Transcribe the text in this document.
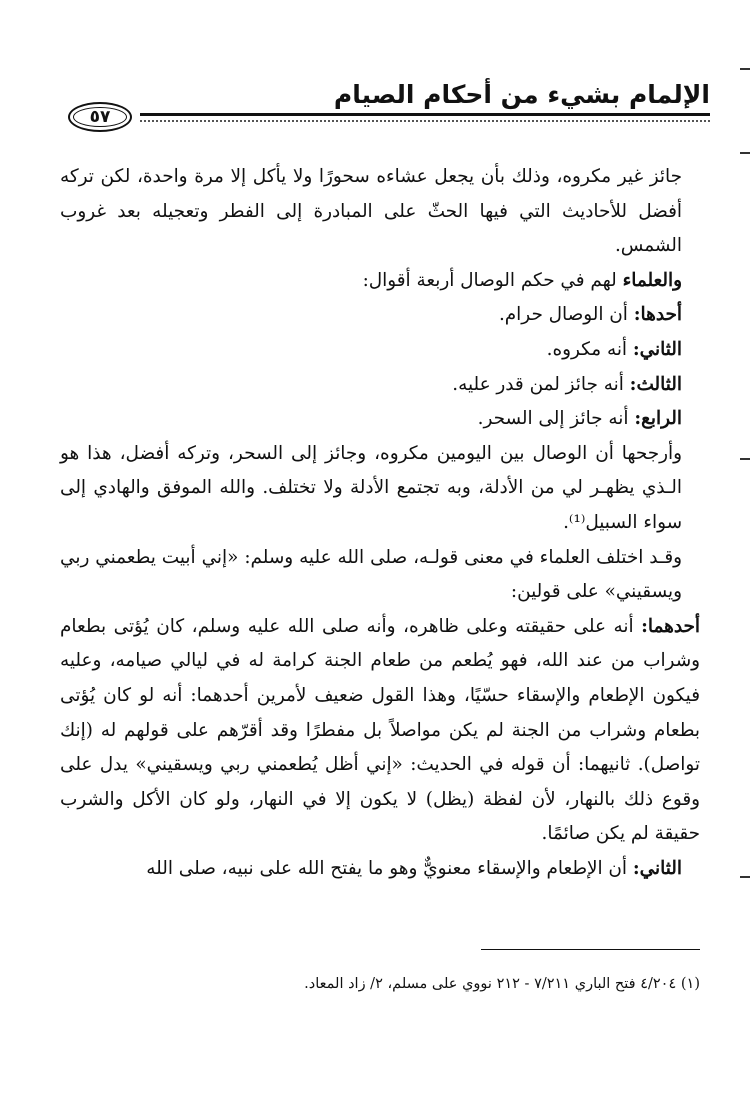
الإلمام بشيء من أحكام الصيام
٥٧

جائز غير مكروه، وذلك بأن يجعل عشاءه سحورًا ولا يأكل إلا مرة واحدة، لكن تركه أفضل للأحاديث التي فيها الحثّ على المبادرة إلى الفطر وتعجيله بعد غروب الشمس.

والعلماء لهم في حكم الوصال أربعة أقوال:

أحدها: أن الوصال حرام.

الثاني: أنه مكروه.

الثالث: أنه جائز لمن قدر عليه.

الرابع: أنه جائز إلى السحر.

وأرجحها أن الوصال بين اليومين مكروه، وجائز إلى السحر، وتركه أفضل، هذا هو الـذي يظهـر لي من الأدلة، وبه تجتمع الأدلة ولا تختلف. والله الموفق والهادي إلى سواء السبيل⁽¹⁾.

وقـد اختلف العلماء في معنى قولـه، صلى الله عليه وسلم: «إني أبيت يطعمني ربي ويسقيني» على قولين:

أحدهما: أنه على حقيقته وعلى ظاهره، وأنه صلى الله عليه وسلم، كان يُؤتى بطعام وشراب من عند الله، فهو يُطعم من طعام الجنة كرامة له في ليالي صيامه، وعليه فيكون الإطعام والإسقاء حسّيًا، وهذا القول ضعيف لأمرين أحدهما: أنه لو كان يُؤتى بطعام وشراب من الجنة لم يكن مواصلاً بل مفطرًا وقد أقرّهم على قولهم له (إنك تواصل). ثانيهما: أن قوله في الحديث: «إني أظل يُطعمني ربي ويسقيني» يدل على وقوع ذلك بالنهار، لأن لفظة (يظل) لا يكون إلا في النهار، ولو كان الأكل والشرب حقيقة لم يكن صائمًا.

الثاني: أن الإطعام والإسقاء معنويٌّ وهو ما يفتح الله على نبيه، صلى الله

(١) ٤/٢٠٤ فتح الباري ٧/٢١١ - ٢١٢ نووي على مسلم، ٢/ زاد المعاد.
